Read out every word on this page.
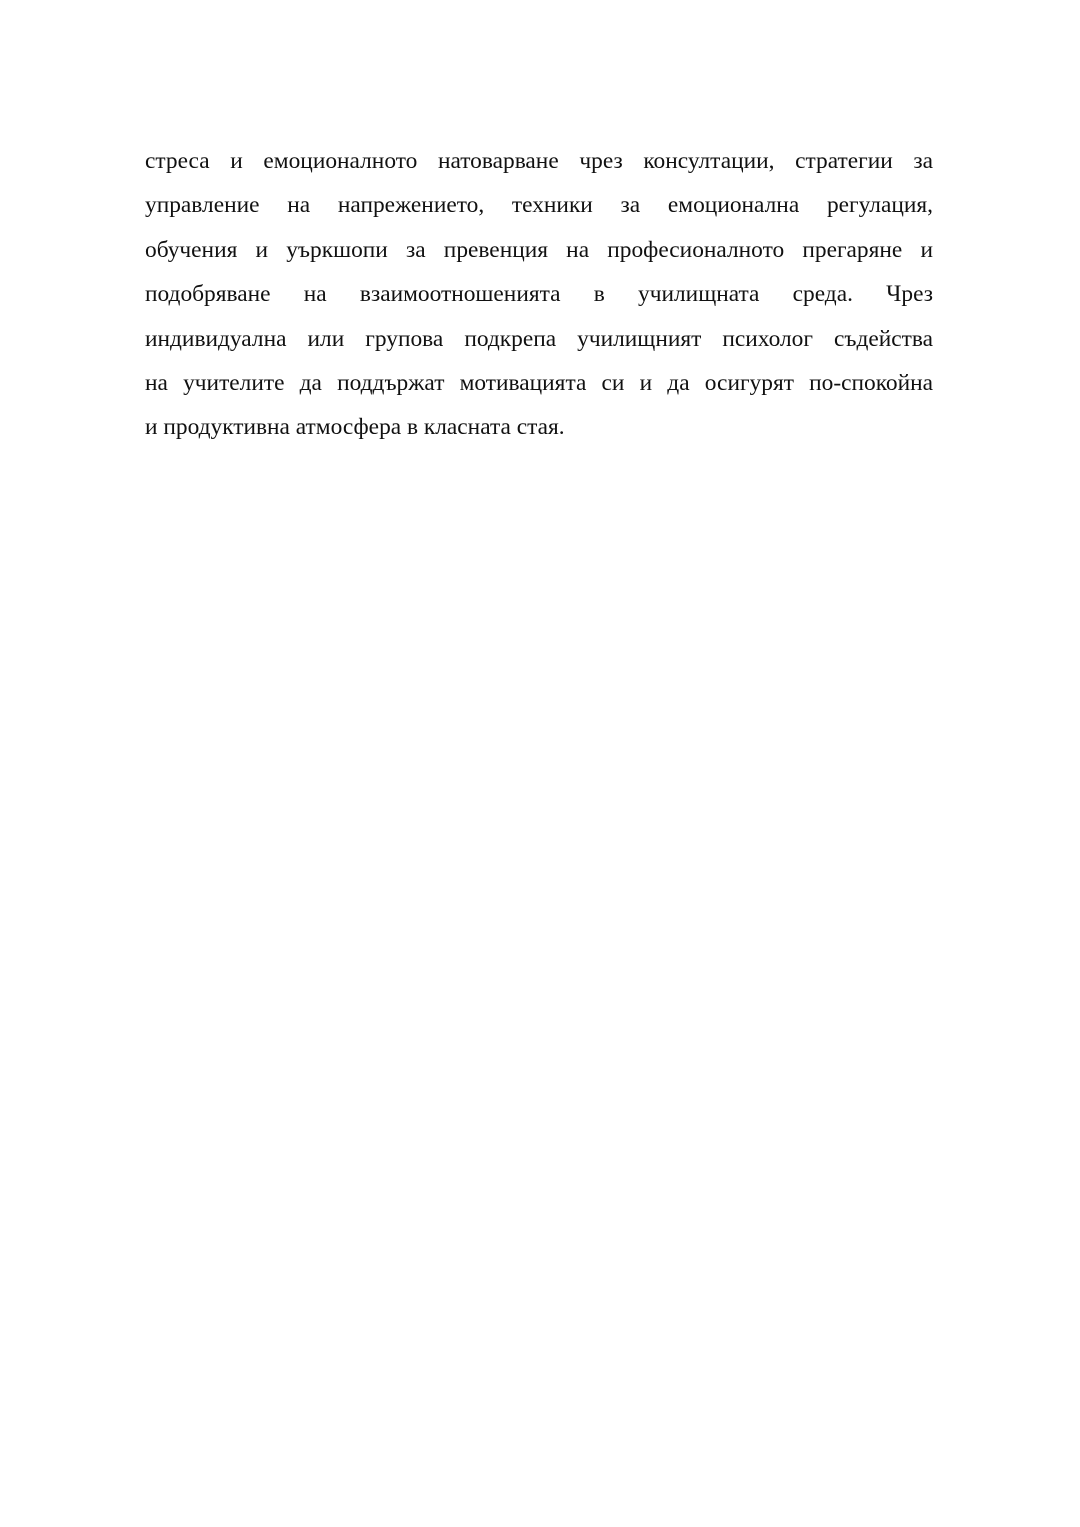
стреса и емоционалното натоварване чрез консултации, стратегии за
управление на напрежението, техники за емоционална регулация,
обучения и уъркшопи за превенция на професионалното прегаряне и
подобряване на взаимоотношенията в училищната среда. Чрез
индивидуална или групова подкрепа училищният психолог съдейства
на учителите да поддържат мотивацията си и да осигурят по-спокойна
и продуктивна атмосфера в класната стая.
